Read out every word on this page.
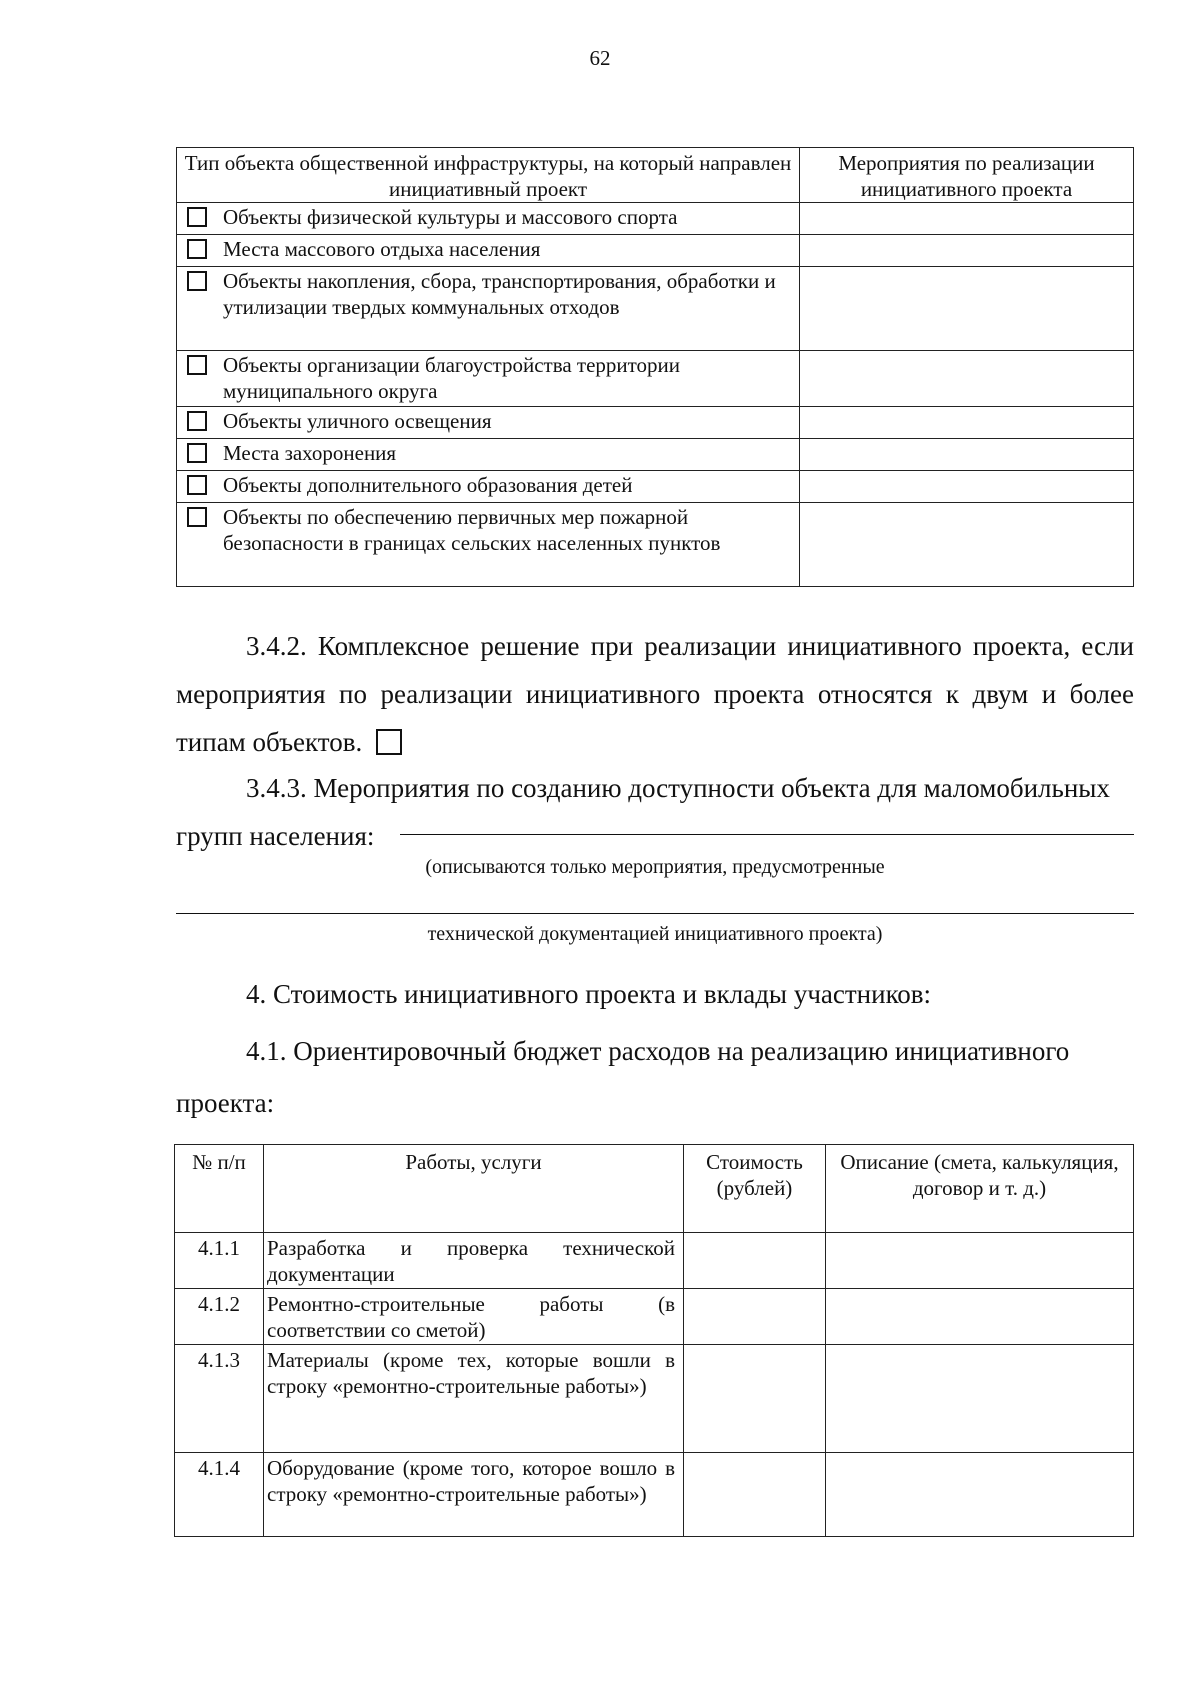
62
Тип объекта общественной инфраструктуры, на который направлен инициативный проект	Мероприятия по реализации инициативного проекта

Объекты физической культуры и массового спорта	

Места массового отдыха населения	

Объекты накопления, сбора, транспортирования, обработки и утилизации твердых коммунальных отходов	

Объекты организации благоустройства территории муниципального округа	

Объекты уличного освещения	

Места захоронения	

Объекты дополнительного образования детей	

Объекты по обеспечению первичных мер пожарной безопасности в границах сельских населенных пунктов	

3.4.2. Комплексное решение при реализации инициативного проекта, если мероприятия по реализации инициативного проекта относятся к двум и более типам объектов.

3.4.3. Мероприятия по созданию доступности объекта для маломобильных

групп населения:

(описываются только мероприятия, предусмотренные
технической документацией инициативного проекта)

4. Стоимость инициативного проекта и вклады участников:

4.1. Ориентировочный бюджет расходов на реализацию инициативного проекта:

№ п/п	Работы, услуги	Стоимость (рублей)	Описание (смета, калькуляция, договор и т. д.)
4.1.1	Разработка и проверка технической документации		
4.1.2	Ремонтно-строительные работы (в соответствии со сметой)		
4.1.3	Материалы (кроме тех, которые вошли в строку «ремонтно-строительные работы»)		
4.1.4	Оборудование (кроме того, которое вошло в строку «ремонтно-строительные работы»)		
